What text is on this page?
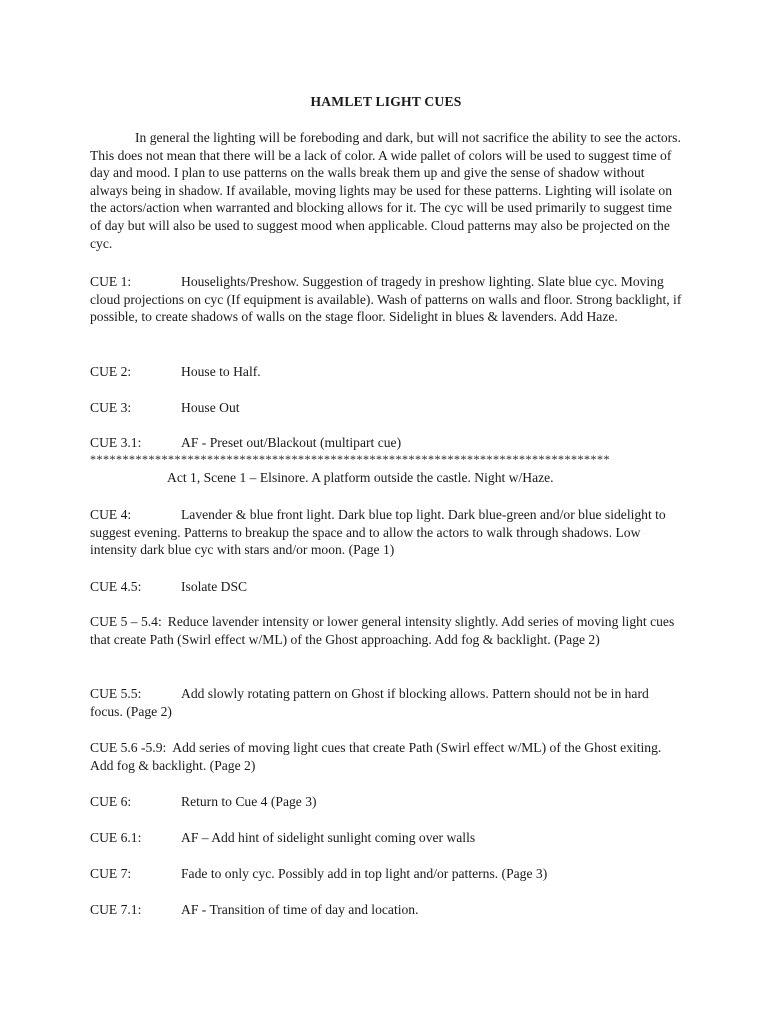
HAMLET LIGHT CUES

In general the lighting will be foreboding and dark, but will not sacrifice the ability to see the actors. This does not mean that there will be a lack of color. A wide pallet of colors will be used to suggest time of day and mood. I plan to use patterns on the walls break them up and give the sense of shadow without always being in shadow. If available, moving lights may be used for these patterns. Lighting will isolate on the actors/action when warranted and blocking allows for it. The cyc will be used primarily to suggest time of day but will also be used to suggest mood when applicable. Cloud patterns may also be projected on the cyc.

CUE 1:	Houselights/Preshow. Suggestion of tragedy in preshow lighting. Slate blue cyc. Moving cloud projections on cyc (If equipment is available). Wash of patterns on walls and floor. Strong backlight, if possible, to create shadows of walls on the stage floor. Sidelight in blues & lavenders. Add Haze.

CUE 2:	House to Half.

CUE 3:	House Out

CUE 3.1:	AF - Preset out/Blackout (multipart cue)

********************************************************************************
Act 1, Scene 1 – Elsinore. A platform outside the castle. Night w/Haze.

CUE 4:	Lavender & blue front light. Dark blue top light. Dark blue-green and/or blue sidelight to suggest evening. Patterns to breakup the space and to allow the actors to walk through shadows. Low intensity dark blue cyc with stars and/or moon. (Page 1)

CUE 4.5:	Isolate DSC

CUE 5 – 5.4: Reduce lavender intensity or lower general intensity slightly. Add series of moving light cues that create Path (Swirl effect w/ML) of the Ghost approaching. Add fog & backlight. (Page 2)

CUE 5.5:	Add slowly rotating pattern on Ghost if blocking allows. Pattern should not be in hard focus. (Page 2)

CUE 5.6 -5.9: Add series of moving light cues that create Path (Swirl effect w/ML) of the Ghost exiting. Add fog & backlight. (Page 2)

CUE 6:	Return to Cue 4 (Page 3)

CUE 6.1:	AF – Add hint of sidelight sunlight coming over walls

CUE 7:	Fade to only cyc. Possibly add in top light and/or patterns. (Page 3)

CUE 7.1:	AF - Transition of time of day and location.
